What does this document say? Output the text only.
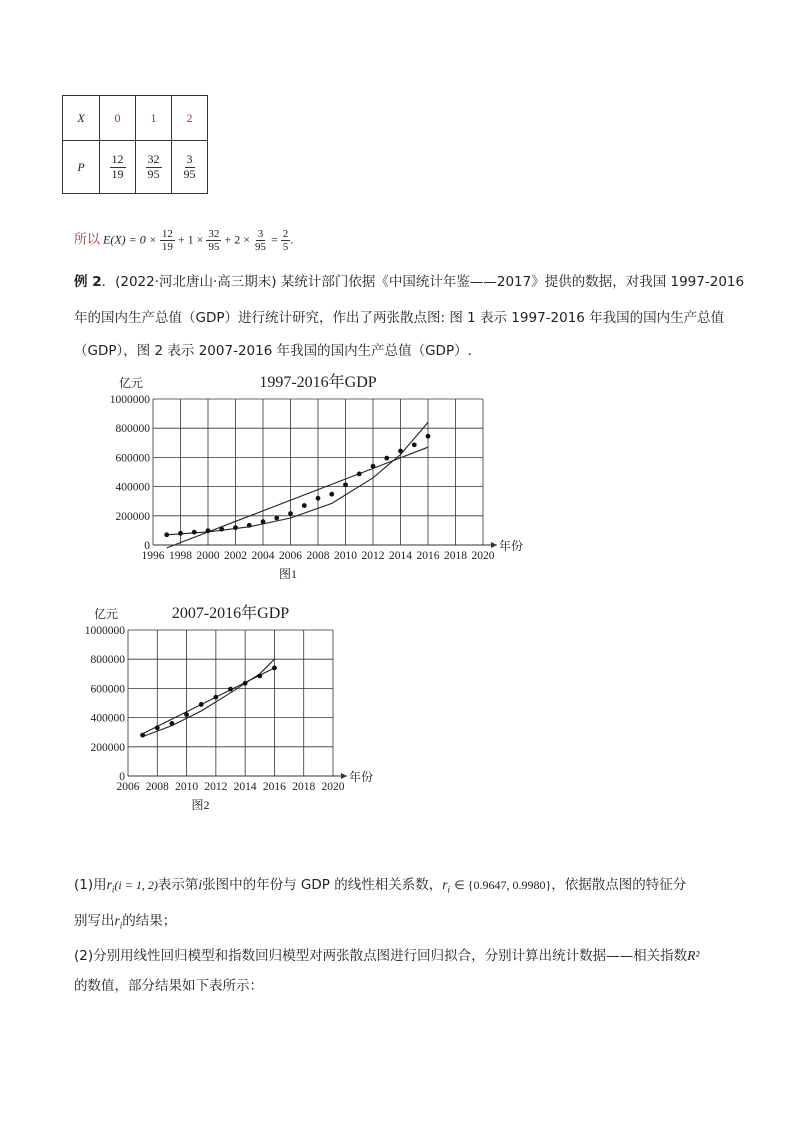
X	0	1	2
P	$\frac{12}{19}$	$\frac{32}{95}$	$\frac{3}{95}$
所以 $E(X) = 0 \times \frac{12}{19} + 1 \times \frac{32}{95} + 2 \times \frac{3}{95} = \frac{2}{5}$ .
例 2．(2022·河北唐山·高三期末) 某统计部门依据《中国统计年鉴——2017》提供的数据，对我国 1997-2016
年的国内生产总值（GDP）进行统计研究，作出了两张散点图: 图 1 表示 1997-2016 年我国的国内生产总值
（GDP），图 2 表示 2007-2016 年我国的国内生产总值（GDP）.
1997-2016年GDP
亿元
1996 1998 2000 2002 2004 2006 2008 2010 2012 2014 2016 2018 2020
0
200000
400000
600000
800000
1000000
年份
图1
2007-2016年GDP
亿元
2006 2008 2010 2012 2014 2016 2018 2020
0
200000
400000
600000
800000
1000000
年份
图2
(1)用$r_i(i = 1$, 2)表示第i张图中的年份与 GDP 的线性相关系数，$r_i$ ∈ {0.9647, 0.9980}，依据散点图的特征分
别写出$r_i$的结果；
(2)分别用线性回归模型和指数回归模型对两张散点图进行回归拟合，分别计算出统计数据——相关指数R²
的数值，部分结果如下表所示：
